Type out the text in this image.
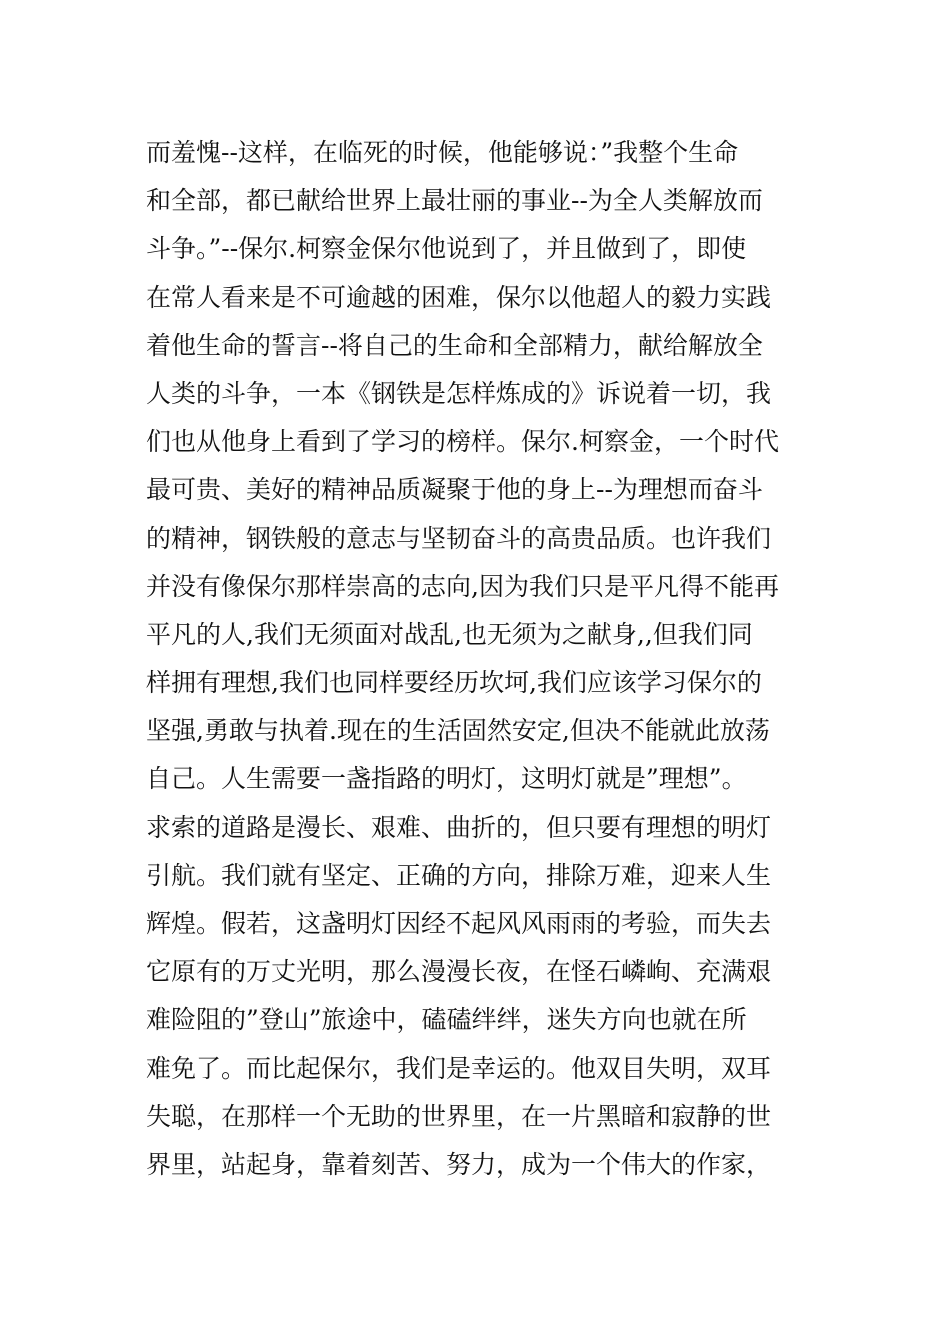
而羞愧--这样，在临死的时候，他能够说：”我整个生命
和全部，都已献给世界上最壮丽的事业--为全人类解放而
斗争。”--保尔.柯察金保尔他说到了，并且做到了，即使
在常人看来是不可逾越的困难，保尔以他超人的毅力实践
着他生命的誓言--将自己的生命和全部精力，献给解放全
人类的斗争，一本《钢铁是怎样炼成的》诉说着一切，我
们也从他身上看到了学习的榜样。保尔.柯察金，一个时代
最可贵、美好的精神品质凝聚于他的身上--为理想而奋斗
的精神，钢铁般的意志与坚韧奋斗的高贵品质。也许我们
并没有像保尔那样崇高的志向,因为我们只是平凡得不能再
平凡的人,我们无须面对战乱,也无须为之献身,,但我们同
样拥有理想,我们也同样要经历坎坷,我们应该学习保尔的
坚强,勇敢与执着.现在的生活固然安定,但决不能就此放荡
自己。人生需要一盏指路的明灯，这明灯就是”理想”。
求索的道路是漫长、艰难、曲折的，但只要有理想的明灯
引航。我们就有坚定、正确的方向，排除万难，迎来人生
辉煌。假若，这盏明灯因经不起风风雨雨的考验，而失去
它原有的万丈光明，那么漫漫长夜，在怪石嶙峋、充满艰
难险阻的”登山”旅途中，磕磕绊绊，迷失方向也就在所
难免了。而比起保尔，我们是幸运的。他双目失明，双耳
失聪，在那样一个无助的世界里，在一片黑暗和寂静的世
界里，站起身，靠着刻苦、努力，成为一个伟大的作家，
